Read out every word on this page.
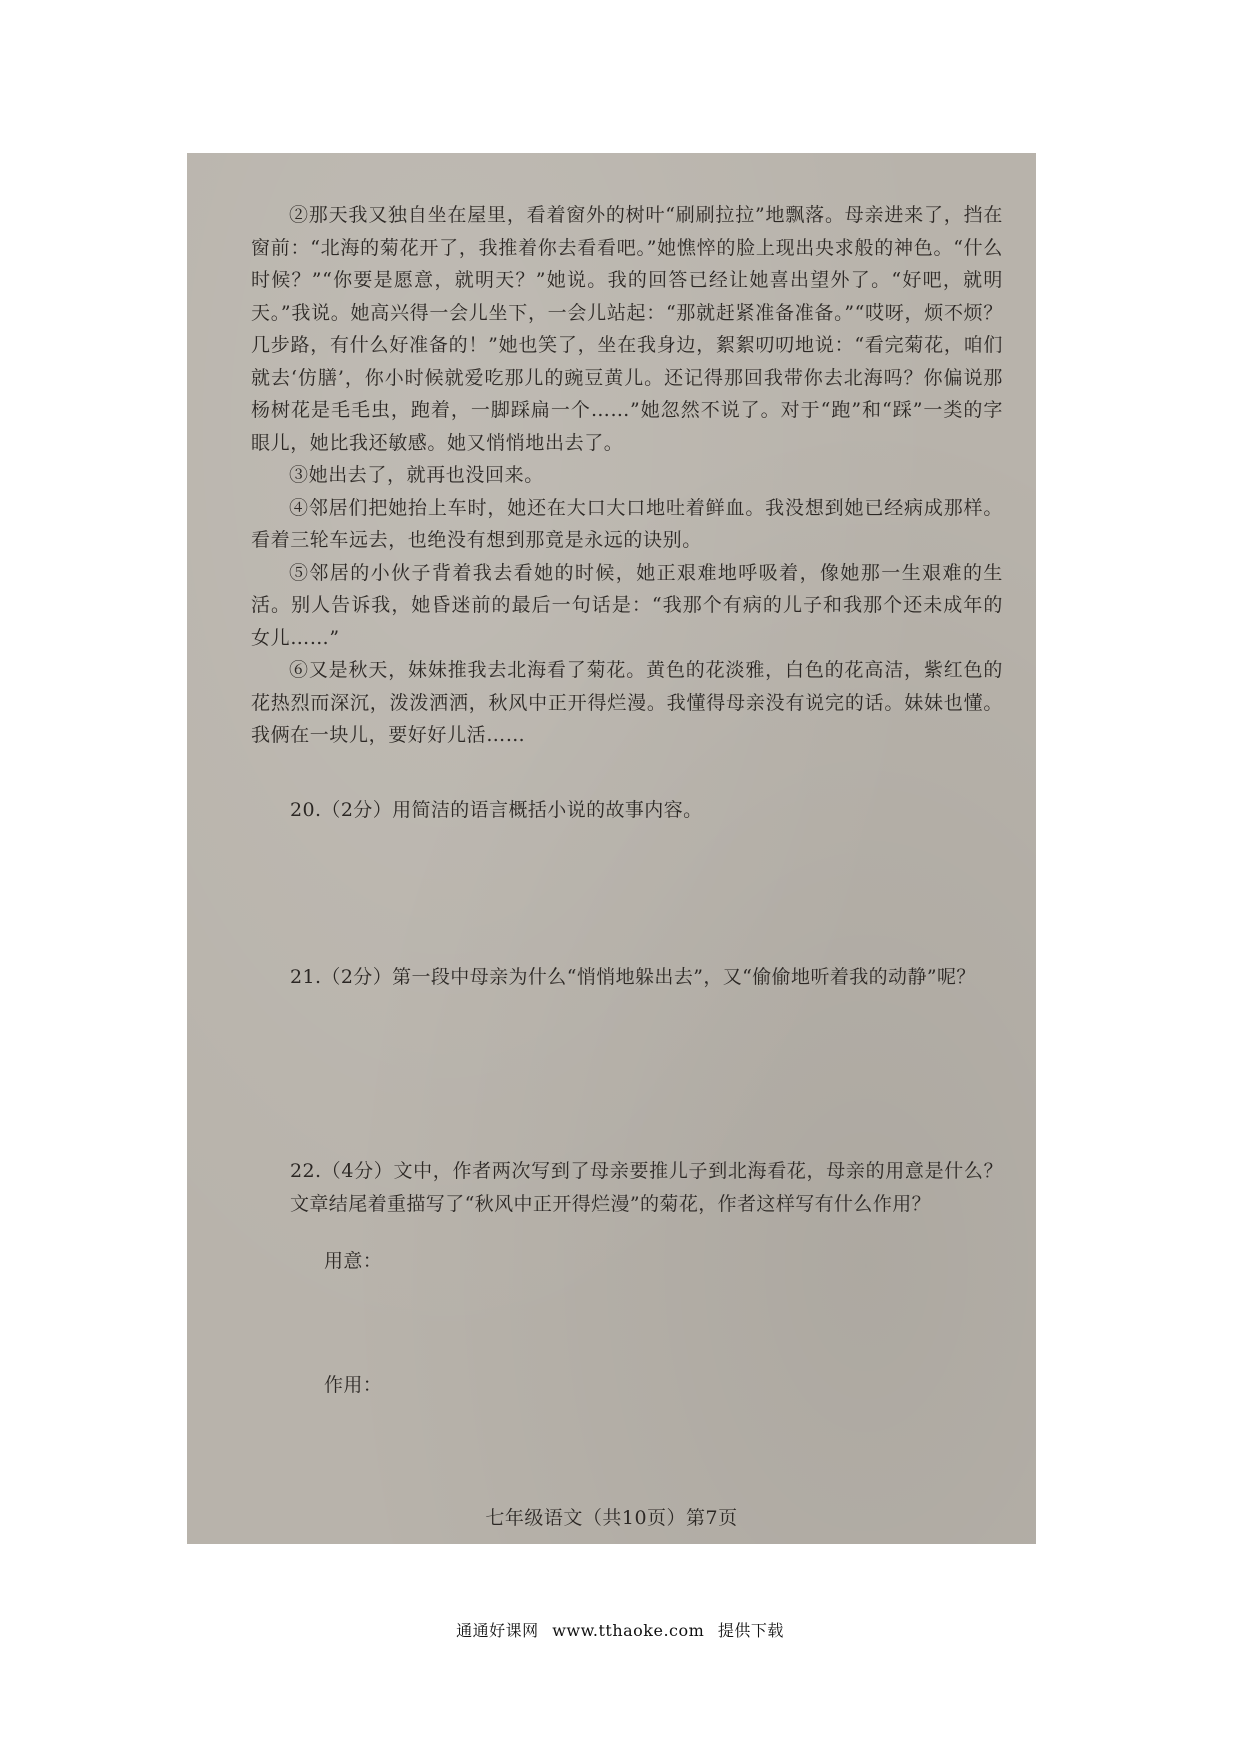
②那天我又独自坐在屋里，看着窗外的树叶“刷刷拉拉”地飘落。母亲进来了，挡在窗前：“北海的菊花开了，我推着你去看看吧。”她憔悴的脸上现出央求般的神色。“什么时候？”“你要是愿意，就明天？”她说。我的回答已经让她喜出望外了。“好吧，就明天。”我说。她高兴得一会儿坐下，一会儿站起：“那就赶紧准备准备。”“哎呀，烦不烦？几步路，有什么好准备的！”她也笑了，坐在我身边，絮絮叨叨地说：“看完菊花，咱们就去‘仿膳’，你小时候就爱吃那儿的豌豆黄儿。还记得那回我带你去北海吗？你偏说那杨树花是毛毛虫，跑着，一脚踩扁一个……”她忽然不说了。对于“跑”和“踩”一类的字眼儿，她比我还敏感。她又悄悄地出去了。

③她出去了，就再也没回来。

④邻居们把她抬上车时，她还在大口大口地吐着鲜血。我没想到她已经病成那样。看着三轮车远去，也绝没有想到那竟是永远的诀别。

⑤邻居的小伙子背着我去看她的时候，她正艰难地呼吸着，像她那一生艰难的生活。别人告诉我，她昏迷前的最后一句话是：“我那个有病的儿子和我那个还未成年的女儿……”

⑥又是秋天，妹妹推我去北海看了菊花。黄色的花淡雅，白色的花高洁，紫红色的花热烈而深沉，泼泼洒洒，秋风中正开得烂漫。我懂得母亲没有说完的话。妹妹也懂。我俩在一块儿，要好好儿活……

20.（2分）用简洁的语言概括小说的故事内容。
21.（2分）第一段中母亲为什么“悄悄地躲出去”，又“偷偷地听着我的动静”呢？

22.（4分）文中，作者两次写到了母亲要推儿子到北海看花，母亲的用意是什么？文章结尾着重描写了“秋风中正开得烂漫”的菊花，作者这样写有什么作用？

用意：
作用：
七年级语文（共10页）第7页
通通好课网 www.tthaoke.com 提供下载
